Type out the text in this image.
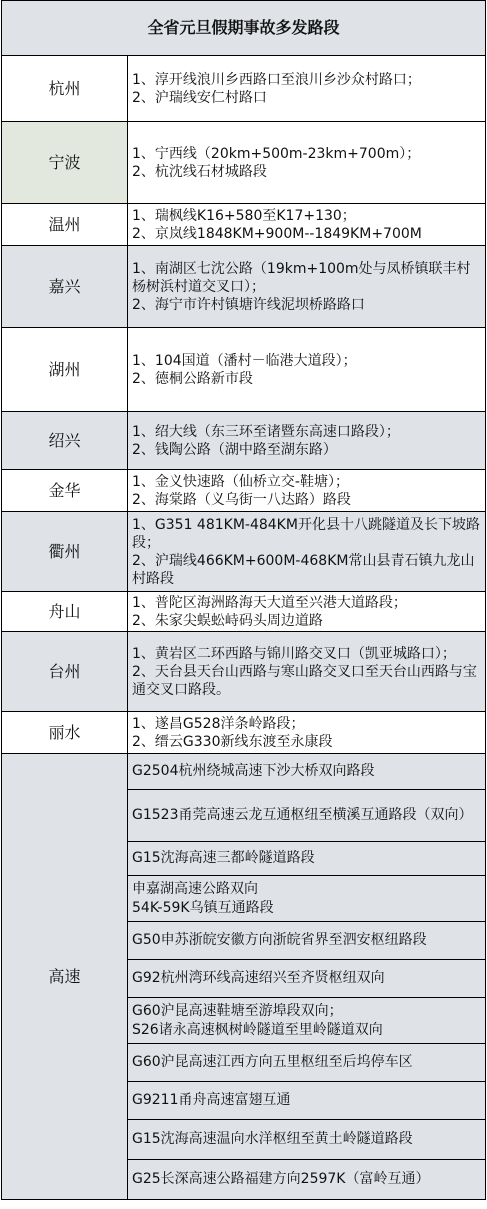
全省元旦假期事故多发路段	
杭州	1、淳开线浪川乡西路口至浪川乡沙众村路口；
2、沪瑞线安仁村路口

宁波	1、宁西线（20km+500m-23km+700m）；
2、杭沈线石材城路段

温州	1、瑞枫线K16+580至K17+130；
2、京岚线1848KM+900M--1849KM+700M

嘉兴	1、南湖区七沈公路（19km+100m处与凤桥镇联丰村杨树浜村道交叉口）；
2、海宁市许村镇塘许线泥坝桥路路口

湖州	1、104国道（潘村－临港大道段）；
2、德桐公路新市段

绍兴	1、绍大线（东三环至诸暨东高速口路段）；
2、钱陶公路（湖中路至湖东路）

金华	1、金义快速路（仙桥立交-鞋塘）；
2、海棠路（义乌街一八达路）路段

衢州	1、G351 481KM-484KM开化县十八跳隧道及长下坡路段；
2、沪瑞线466KM+600M-468KM常山县青石镇九龙山村路段

舟山	1、普陀区海洲路海天大道至兴港大道路段；
2、朱家尖蜈蚣峙码头周边道路

台州	1、黄岩区二环西路与锦川路交叉口（凯亚城路口）；
2、天台县天台山西路与寒山路交叉口至天台山西路与宝通交叉口路段。

丽水	1、遂昌G528洋条岭路段；
2、缙云G330新线东渡至永康段

高速	G2504杭州绕城高速下沙大桥双向路段

	G1523甬莞高速云龙互通枢纽至横溪互通路段（双向）

	G15沈海高速三都岭隧道路段

	申嘉湖高速公路双向
54K-59K乌镇互通路段

	G50申苏浙皖安徽方向浙皖省界至泗安枢纽路段

	G92杭州湾环线高速绍兴至齐贤枢纽双向

	G60沪昆高速鞋塘至游埠段双向；
S26诸永高速枫树岭隧道至里岭隧道双向

	G60沪昆高速江西方向五里枢纽至后坞停车区

	G9211甬舟高速富翅互通

	G15沈海高速温向水洋枢纽至黄土岭隧道路段

	G25长深高速公路福建方向2597K（富岭互通）
